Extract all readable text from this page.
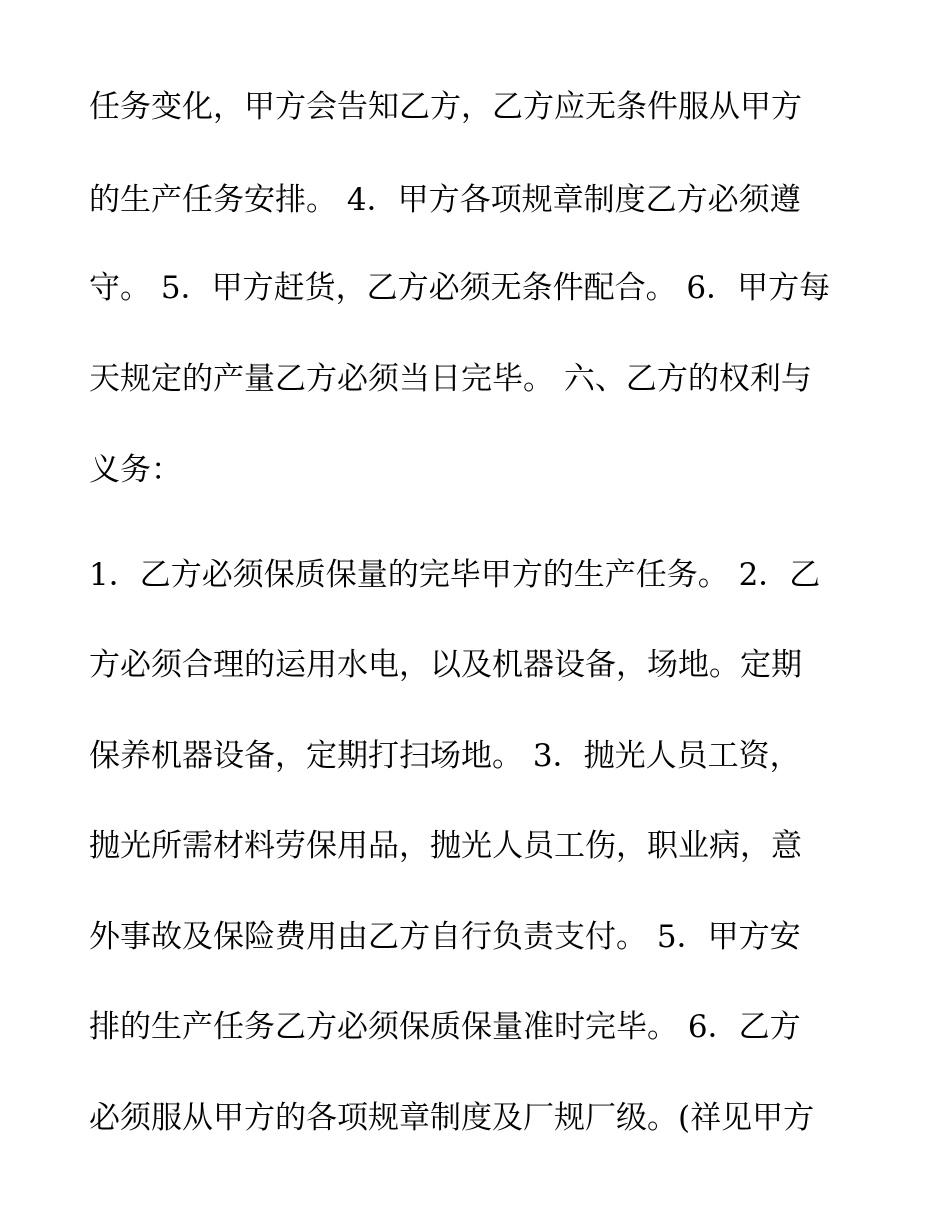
任务变化，甲方会告知乙方，乙方应无条件服从甲方
的生产任务安排。 4．甲方各项规章制度乙方必须遵
守。 5．甲方赶货，乙方必须无条件配合。 6．甲方每
天规定的产量乙方必须当日完毕。 六、乙方的权利与
义务：
1．乙方必须保质保量的完毕甲方的生产任务。 2．乙
方必须合理的运用水电，以及机器设备，场地。定期
保养机器设备，定期打扫场地。 3．抛光人员工资，
抛光所需材料劳保用品，抛光人员工伤，职业病，意
外事故及保险费用由乙方自行负责支付。 5．甲方安
排的生产任务乙方必须保质保量准时完毕。 6．乙方
必须服从甲方的各项规章制度及厂规厂级。(祥见甲方
